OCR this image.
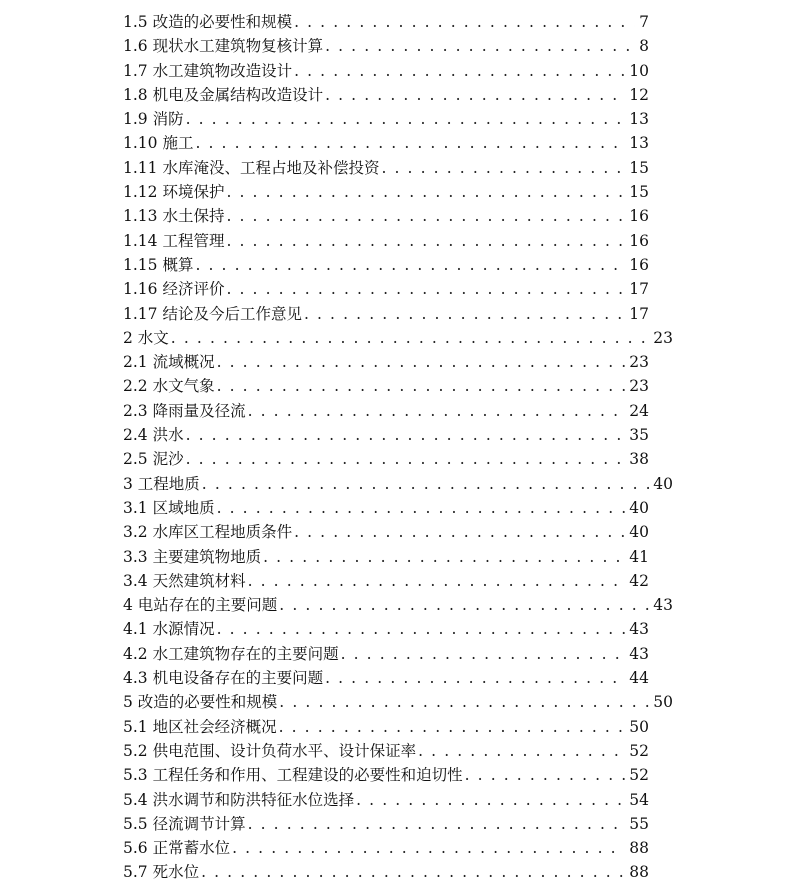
1.5 改造的必要性和规模 . . .	7
1.6 现状水工建筑物复核计算 . . .	8
1.7 水工建筑物改造设计 . . .	10
1.8 机电及金属结构改造设计 . . .	12
1.9 消防 . . .	13
1.10 施工 . . .	13
1.11 水库淹没、工程占地及补偿投资 . . .	15
1.12 环境保护 . . .	15
1.13 水土保持 . . .	16
1.14 工程管理 . . .	16
1.15 概算 . . .	16
1.16 经济评价 . . .	17
1.17 结论及今后工作意见 . . .	17
2 水文 . . .	23
2.1 流域概况 . . .	23
2.2 水文气象 . . .	23
2.3 降雨量及径流 . . .	24
2.4 洪水 . . .	35
2.5 泥沙 . . .	38
3 工程地质 . . .	40
3.1 区域地质 . . .	40
3.2 水库区工程地质条件 . . .	40
3.3 主要建筑物地质 . . .	41
3.4 天然建筑材料 . . .	42
4 电站存在的主要问题 . . .	43
4.1 水源情况 . . .	43
4.2 水工建筑物存在的主要问题 . . .	43
4.3 机电设备存在的主要问题 . . .	44
5 改造的必要性和规模 . . .	50
5.1 地区社会经济概况 . . .	50
5.2 供电范围、设计负荷水平、设计保证率 . . .	52
5.3 工程任务和作用、工程建设的必要性和迫切性 . . .	52
5.4 洪水调节和防洪特征水位选择 . . .	54
5.5 径流调节计算 . . .	55
5.6 正常蓄水位 . . .	88
5.7 死水位 . . .	88
